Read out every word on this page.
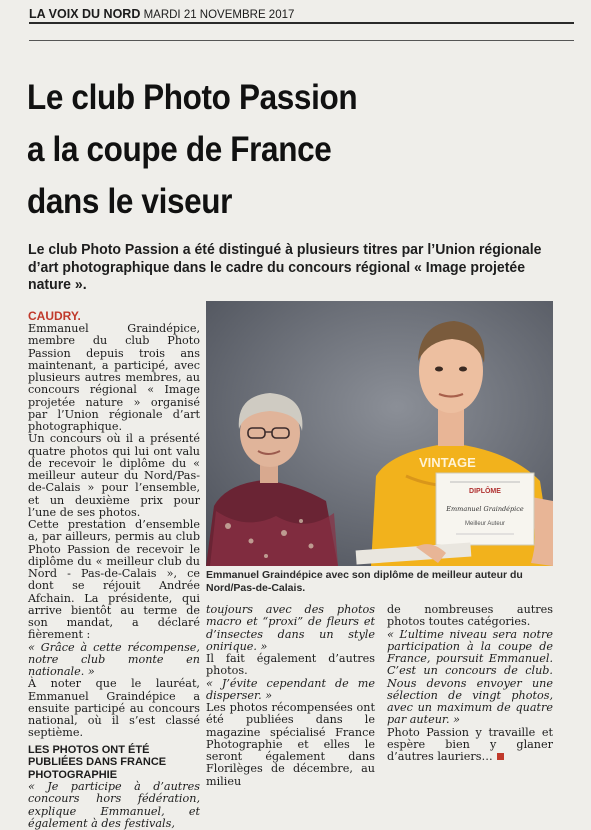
LA VOIX DU NORD MARDI 21 NOVEMBRE 2017
Le club Photo Passion
a la coupe de France
dans le viseur
Le club Photo Passion a été distingué à plusieurs titres par l’Union régionale d’art photographique dans le cadre du concours régional « Image projetée nature ».
CAUDRY.

Emmanuel Graindépice, membre du club Photo Passion depuis trois ans maintenant, a participé, avec plusieurs autres membres, au concours régional « Image projetée nature » organisé par l’Union régionale d’art photographique.

Un concours où il a présenté quatre photos qui lui ont valu de recevoir le diplôme du « meilleur auteur du Nord/Pas-de-Calais » pour l’ensemble, et un deuxième prix pour l’une de ses photos.

Cette prestation d’ensemble a, par ailleurs, permis au club Photo Passion de recevoir le diplôme du « meilleur club du Nord - Pas-de-Calais », ce dont se réjouit Andrée Afchain. La présidente, qui arrive bientôt au terme de son mandat, a déclaré fièrement :

« Grâce à cette récompense, notre club monte en nationale. »

À noter que le lauréat, Emmanuel Graindépice a ensuite participé au concours national, où il s’est classé septième.

LES PHOTOS ONT ÉTÉ PUBLIÉES DANS FRANCE PHOTOGRAPHIE

« Je participe à d’autres concours hors fédération, explique Emmanuel, et également à des festivals,

VINTAGE
DIPLÔME
Emmanuel Graindépice
Meilleur Auteur
Emmanuel Graindépice avec son diplôme de meilleur auteur du Nord/Pas-de-Calais.

toujours avec des photos macro et “proxi” de fleurs et d’insectes dans un style onirique. »

Il fait également d’autres photos.

« J’évite cependant de me disperser. »

Les photos récompensées ont été publiées dans le magazine spécialisé France Photographie et elles le seront également dans Florilèges de décembre, au milieu

de nombreuses autres photos toutes catégories.

« L’ultime niveau sera notre participation à la coupe de France, poursuit Emmanuel. C’est un concours de club. Nous devons envoyer une sélection de vingt photos, avec un maximum de quatre par auteur. »

Photo Passion y travaille et espère bien y glaner d’autres lauriers…
